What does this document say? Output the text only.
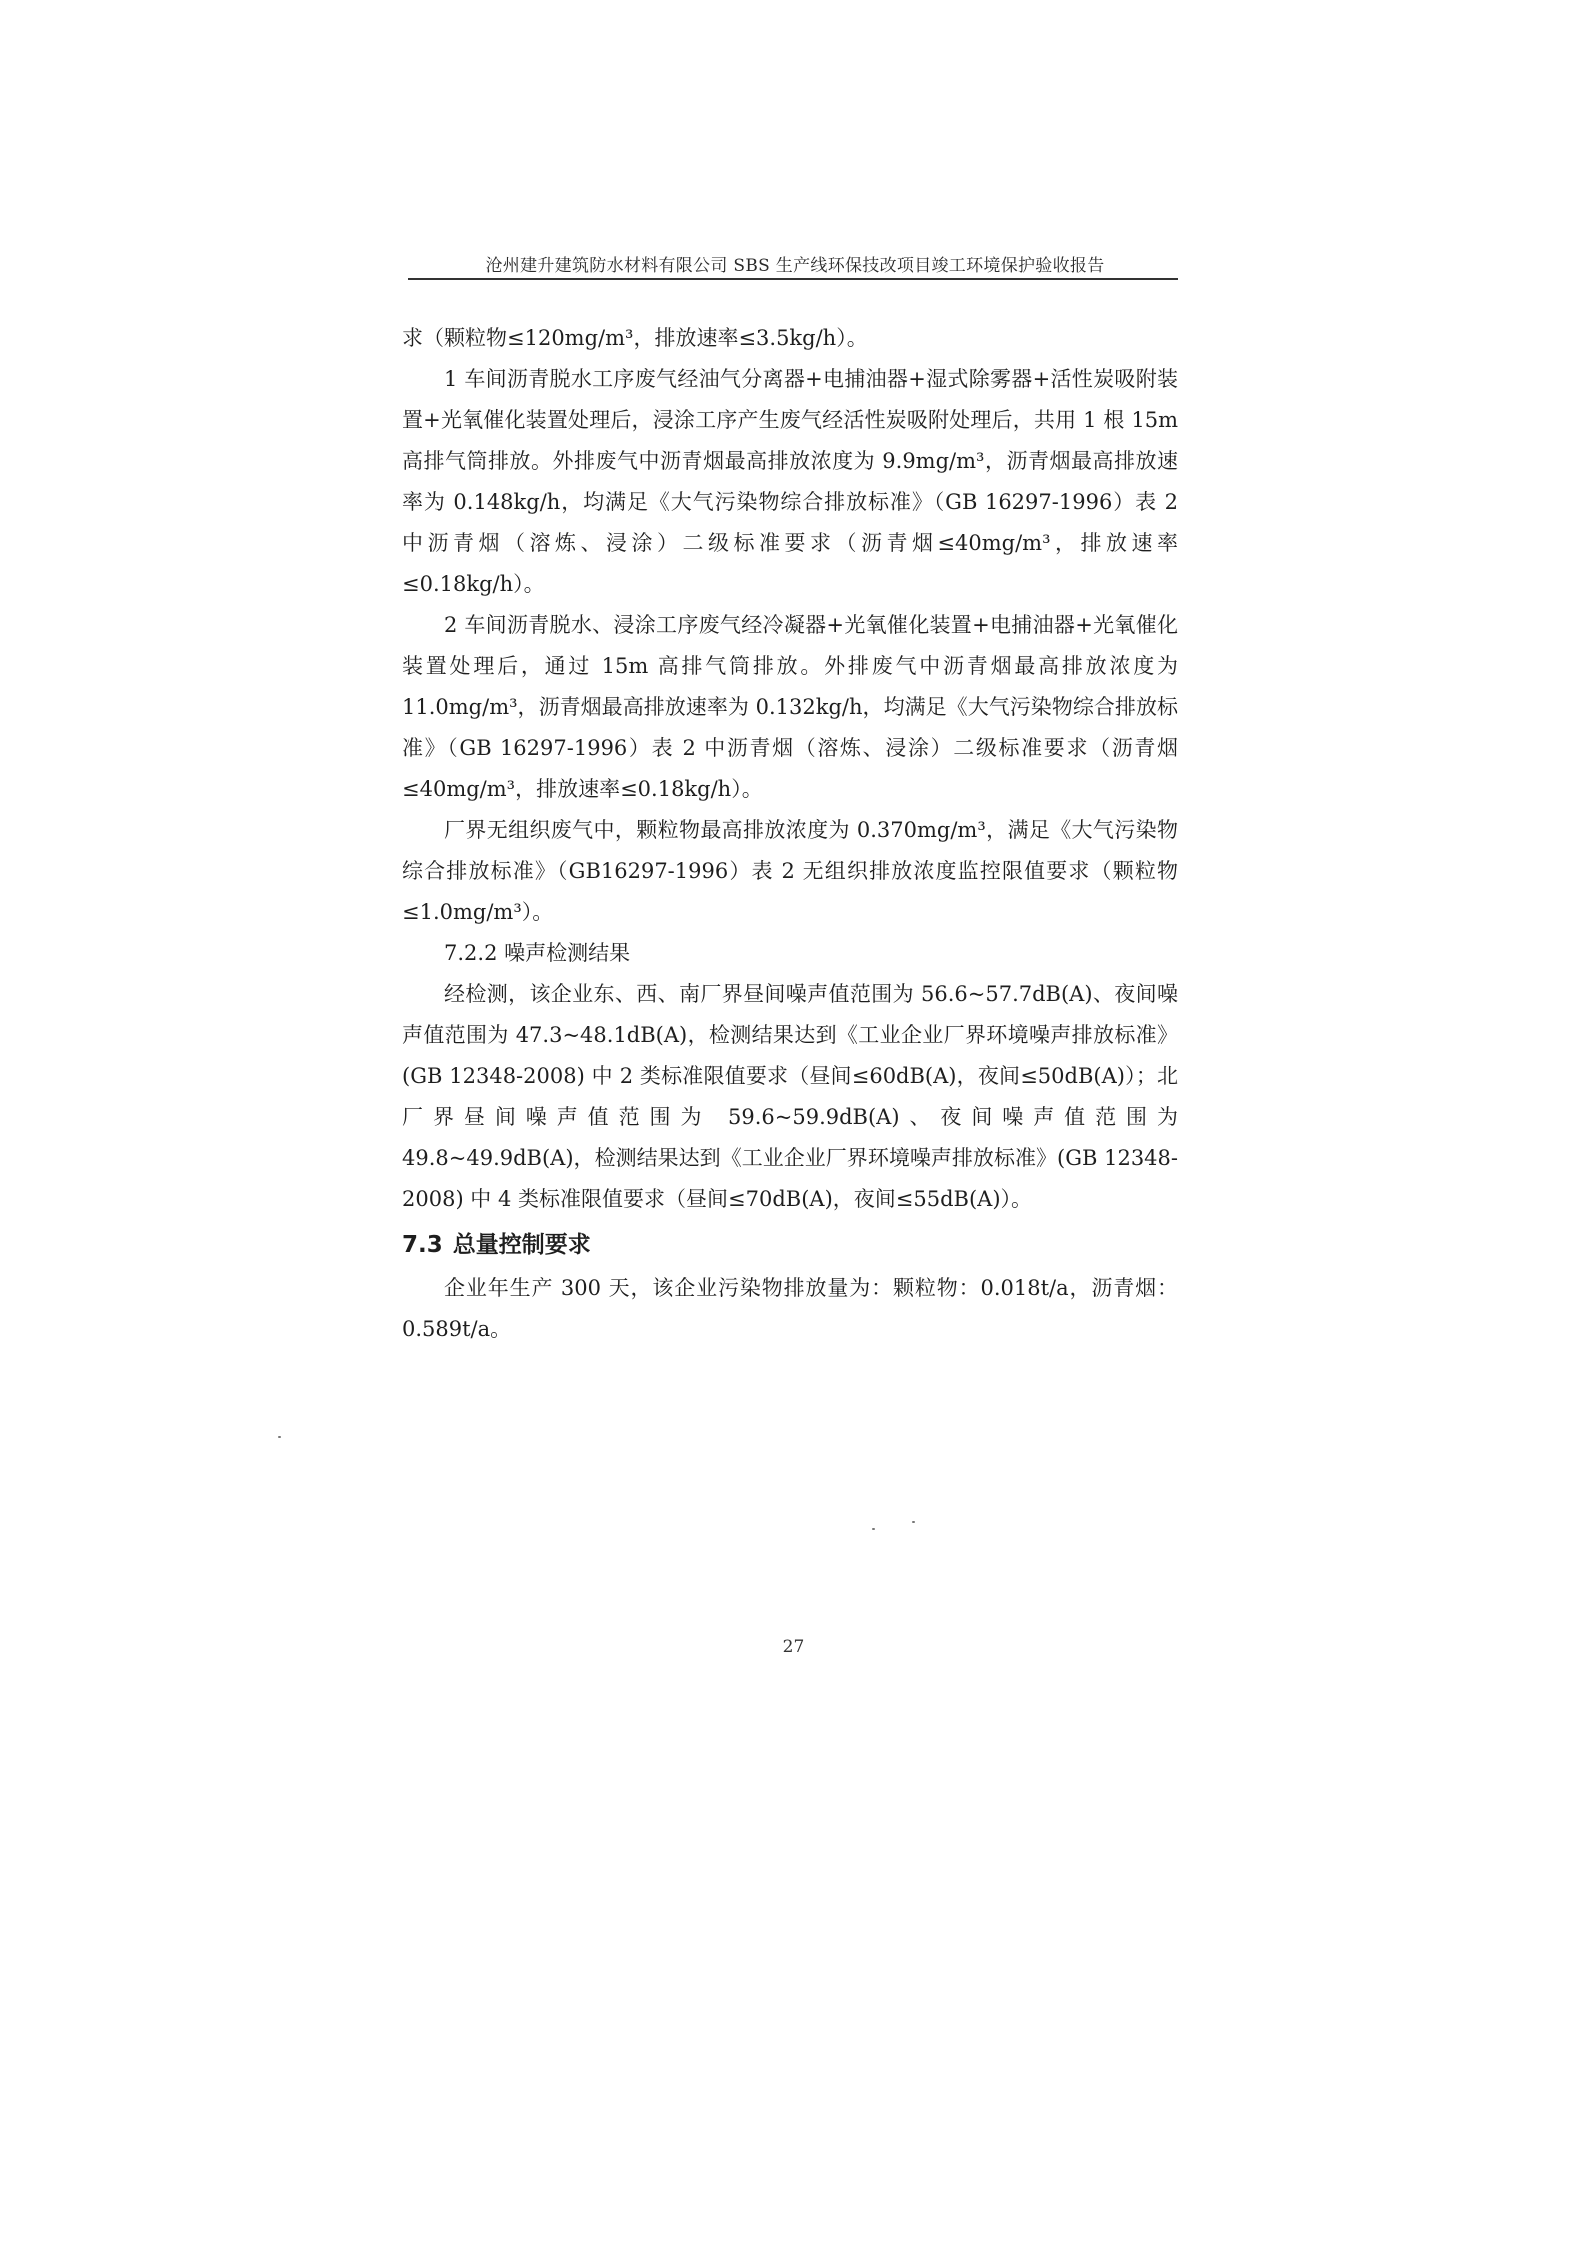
沧州建升建筑防水材料有限公司 SBS 生产线环保技改项目竣工环境保护验收报告

求（颗粒物≤120mg/m³，排放速率≤3.5kg/h）。

1 车间沥青脱水工序废气经油气分离器+电捕油器+湿式除雾器+活性炭吸附装置+光氧催化装置处理后，浸涂工序产生废气经活性炭吸附处理后，共用 1 根 15m 高排气筒排放。外排废气中沥青烟最高排放浓度为 9.9mg/m³，沥青烟最高排放速率为 0.148kg/h，均满足《大气污染物综合排放标准》（GB 16297-1996）表 2 中沥青烟（溶炼、浸涂）二级标准要求（沥青烟≤40mg/m³，排放速率≤0.18kg/h）。

2 车间沥青脱水、浸涂工序废气经冷凝器+光氧催化装置+电捕油器+光氧催化装置处理后，通过 15m 高排气筒排放。外排废气中沥青烟最高排放浓度为 11.0mg/m³，沥青烟最高排放速率为 0.132kg/h，均满足《大气污染物综合排放标准》（GB 16297-1996）表 2 中沥青烟（溶炼、浸涂）二级标准要求（沥青烟≤40mg/m³，排放速率≤0.18kg/h）。

厂界无组织废气中，颗粒物最高排放浓度为 0.370mg/m³，满足《大气污染物综合排放标准》（GB16297-1996）表 2 无组织排放浓度监控限值要求（颗粒物≤1.0mg/m³）。

7.2.2 噪声检测结果

经检测，该企业东、西、南厂界昼间噪声值范围为 56.6~57.7dB(A)、夜间噪声值范围为 47.3~48.1dB(A)，检测结果达到《工业企业厂界环境噪声排放标准》(GB 12348-2008) 中 2 类标准限值要求（昼间≤60dB(A)，夜间≤50dB(A)）；北厂界昼间噪声值范围为 59.6~59.9dB(A)、夜间噪声值范围为 49.8~49.9dB(A)，检测结果达到《工业企业厂界环境噪声排放标准》(GB 12348-2008) 中 4 类标准限值要求（昼间≤70dB(A)，夜间≤55dB(A)）。

7.3 总量控制要求

企业年生产 300 天，该企业污染物排放量为：颗粒物：0.018t/a，沥青烟：0.589t/a。

27
